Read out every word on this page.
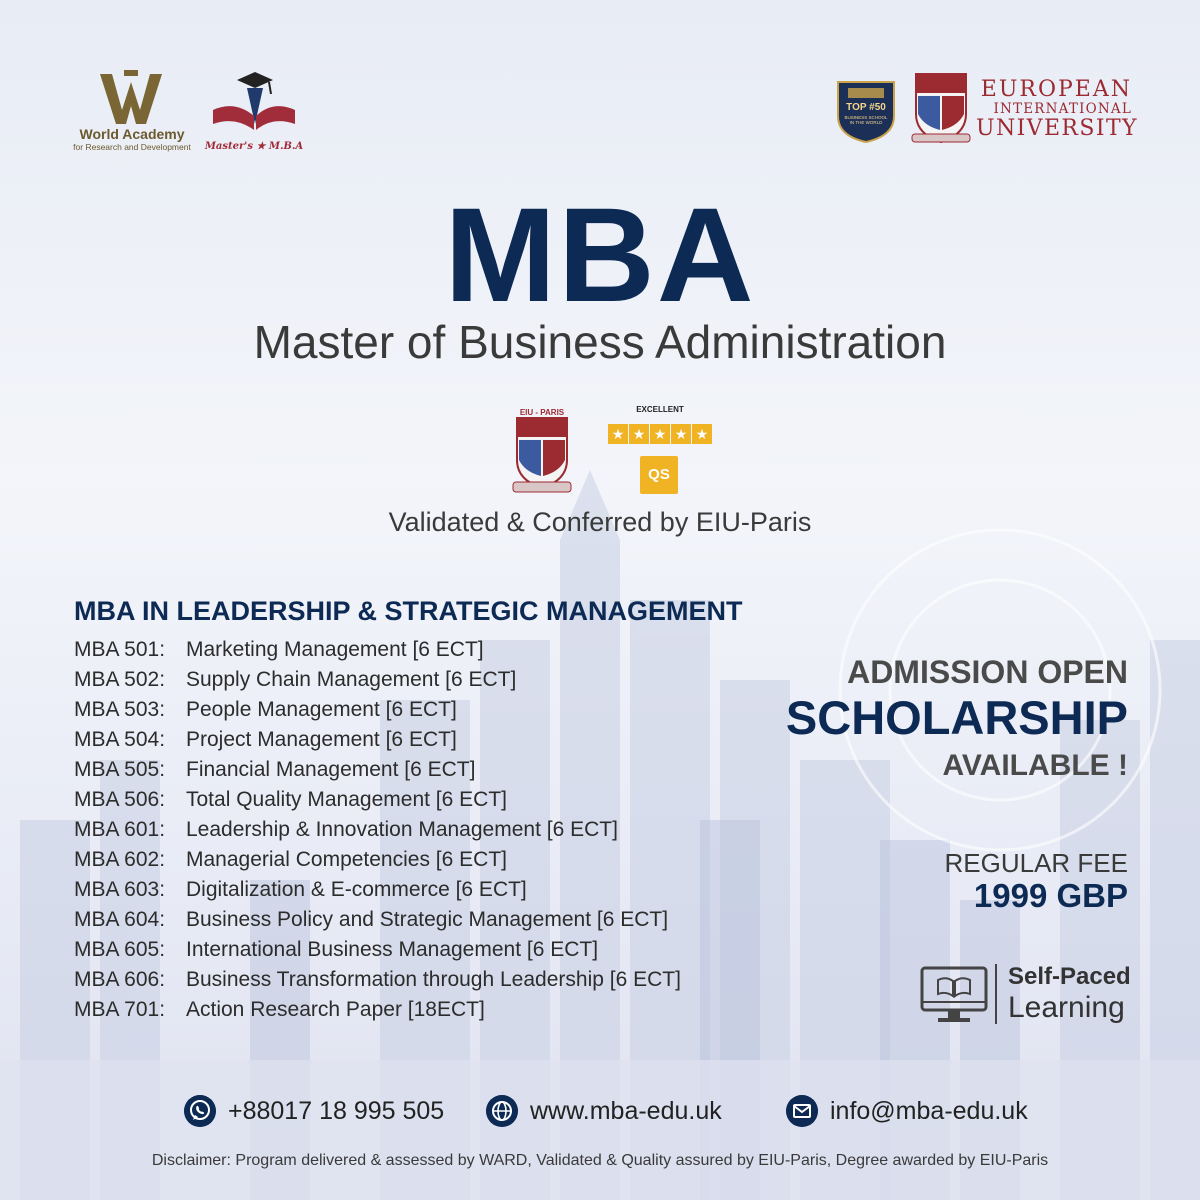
World Academy
for Research and Development Master's ★ M.B.A
TOP #50
BUSINESS SCHOOL IN THE WORLD
EUROPEAN
INTERNATIONAL
UNIVERSITY
MBA
Master of Business Administration
EIU - PARIS	EXCELLENT
★ ★ ★ ★ ★
QS
Validated & Conferred by EIU-Paris
MBA IN LEADERSHIP & STRATEGIC MANAGEMENT
MBA 501: Marketing Management [6 ECT]
MBA 502: Supply Chain Management [6 ECT]
MBA 503: People Management [6 ECT]
MBA 504: Project Management [6 ECT]
MBA 505: Financial Management [6 ECT]
MBA 506: Total Quality Management [6 ECT]
MBA 601: Leadership & Innovation Management [6 ECT]
MBA 602: Managerial Competencies [6 ECT]
MBA 603: Digitalization & E-commerce [6 ECT]
MBA 604: Business Policy and Strategic Management [6 ECT]
MBA 605: International Business Management [6 ECT]
MBA 606: Business Transformation through Leadership [6 ECT]
MBA 701: Action Research Paper [18ECT]
ADMISSION OPEN
SCHOLARSHIP
AVAILABLE !
REGULAR FEE
1999 GBP
Self-Paced
Learning
+88017 18 995 505	www.mba-edu.uk	info@mba-edu.uk
Disclaimer: Program delivered & assessed by WARD, Validated & Quality assured by EIU-Paris, Degree awarded by EIU-Paris
